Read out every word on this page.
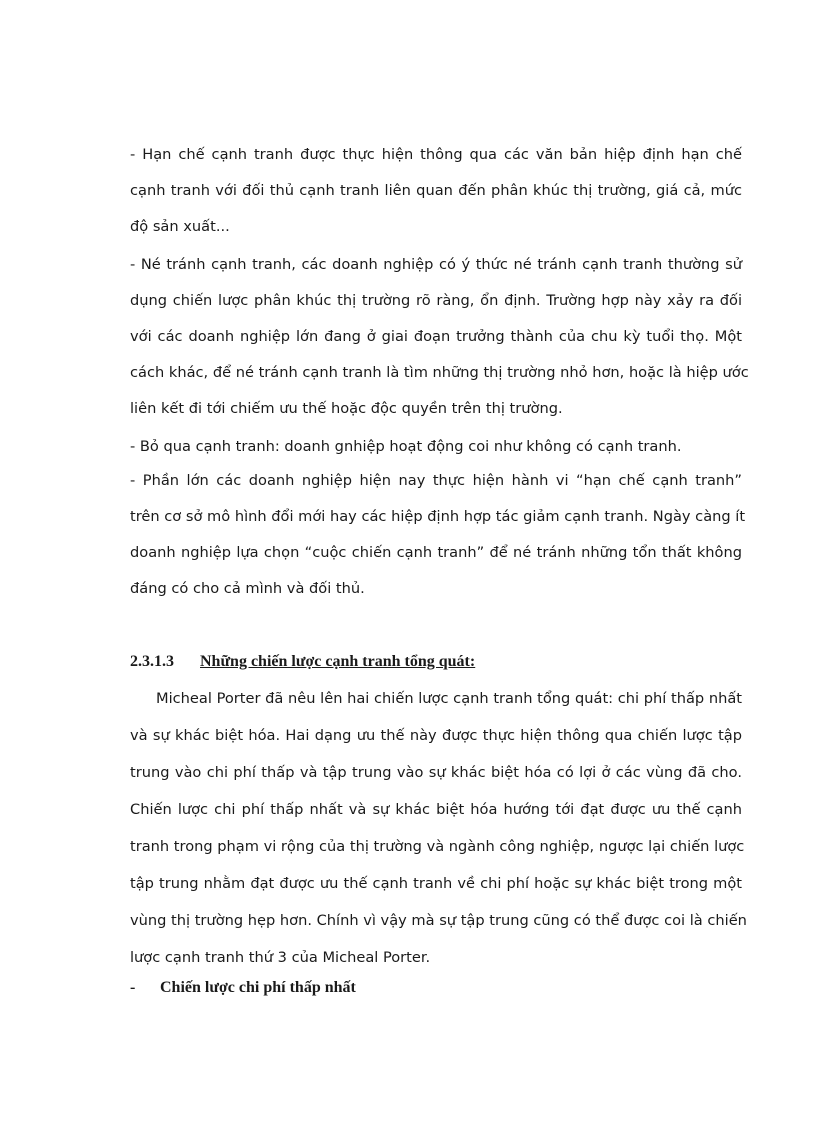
- Hạn chế cạnh tranh được thực hiện thông qua các văn bản hiệp định hạn chế
cạnh tranh với đối thủ cạnh tranh liên quan đến phân khúc thị trường, giá cả, mức
độ sản xuất...
- Né tránh cạnh tranh, các doanh nghiệp có ý thức né tránh cạnh tranh thường sử
dụng chiến lược phân khúc thị trường rõ ràng, ổn định. Trường hợp này xảy ra đối
với các doanh nghiệp lớn đang ở giai đoạn trưởng thành của chu kỳ tuổi thọ. Một
cách khác, để né tránh cạnh tranh là tìm những thị trường nhỏ hơn, hoặc là hiệp ước
liên kết đi tới chiếm ưu thế hoặc độc quyền trên thị trường.
- Bỏ qua cạnh tranh: doanh gnhiệp hoạt động coi như không có cạnh tranh.
- Phần lớn các doanh nghiệp hiện nay thực hiện hành vi “hạn chế cạnh tranh”
trên cơ sở mô hình đổi mới hay các hiệp định hợp tác giảm cạnh tranh. Ngày càng ít
doanh nghiệp lựa chọn “cuộc chiến cạnh tranh” để né tránh những tổn thất không
đáng có cho cả mình và đối thủ.
2.3.1.3 Những chiến lược cạnh tranh tổng quát:
Micheal Porter đã nêu lên hai chiến lược cạnh tranh tổng quát: chi phí thấp nhất
và sự khác biệt hóa. Hai dạng ưu thế này được thực hiện thông qua chiến lược tập
trung vào chi phí thấp và tập trung vào sự khác biệt hóa có lợi ở các vùng đã cho.
Chiến lược chi phí thấp nhất và sự khác biệt hóa hướng tới đạt được ưu thế cạnh
tranh trong phạm vi rộng của thị trường và ngành công nghiệp, ngược lại chiến lược
tập trung nhằm đạt được ưu thế cạnh tranh về chi phí hoặc sự khác biệt trong một
vùng thị trường hẹp hơn. Chính vì vậy mà sự tập trung cũng có thể được coi là chiến
lược cạnh tranh thứ 3 của Micheal Porter.
- Chiến lược chi phí thấp nhất
